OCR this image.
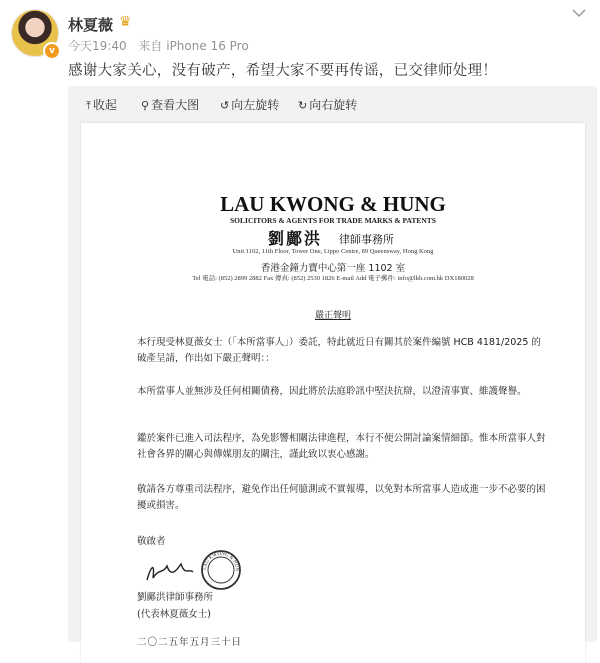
v
林夏薇 ♛
今天19:40 来自 iPhone 16 Pro
感谢大家关心，没有破产，希望大家不要再传谣，已交律师处理！
⤒ 收起 ⚲ 查看大图 ↺ 向左旋转 ↻ 向右旋转
LAU KWONG & HUNG
SOLICITORS & AGENTS FOR TRADE MARKS & PATENTS
劉鄺洪 律師事務所
Unit 1102, 11th Floor, Tower One, Lippo Centre, 89 Queensway, Hong Kong
香港金鐘力寶中心第一座 1102 室
Tel 電話: (852) 2899 2882 Fax 傳真: (852) 2530 1826 E-mail Add 電子郵件: info@lkh.com.hk DX180028
嚴正聲明
本行現受林夏薇女士（「本所當事人」）委託，特此就近日有關其於案件編號 HCB 4181/2025 的破產呈請，作出如下嚴正聲明：：
本所當事人並無涉及任何相關債務，因此將於法庭聆訊中堅決抗辯，以澄清事實、維護聲譽。
鑑於案件已進入司法程序，為免影響相關法律進程，本行不便公開討論案情細節。惟本所當事人對社會各界的關心與傳媒朋友的關注，謹此致以衷心感謝。
敬請各方尊重司法程序，避免作出任何臆測或不實報導，以免對本所當事人造成進一步不必要的困擾或損害。
敬啟者
LAU KWONG & HUN
劉鄺洪律師事務所
(代表林夏薇女士)
二〇二五年五月三十日
